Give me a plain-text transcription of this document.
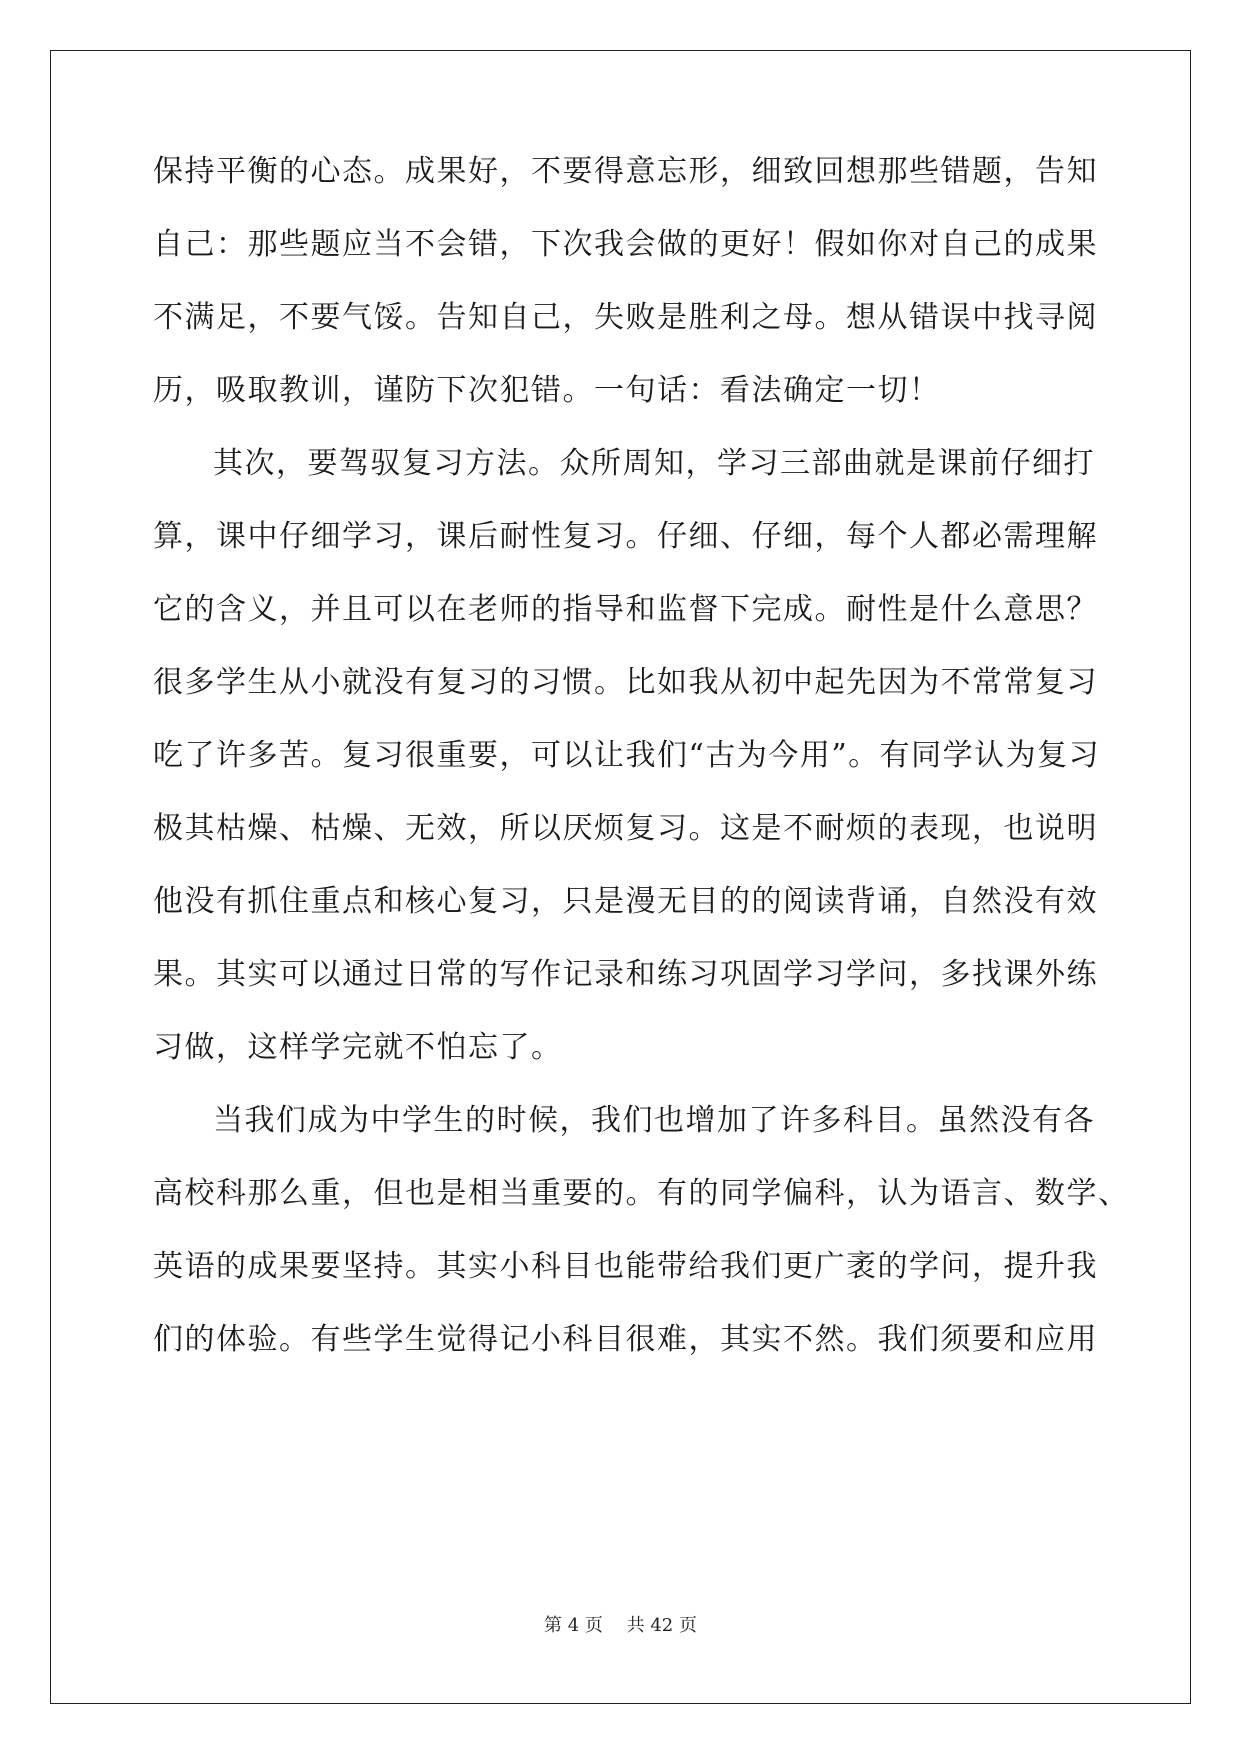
保持平衡的心态。成果好，不要得意忘形，细致回想那些错题，告知
自己：那些题应当不会错，下次我会做的更好！假如你对自己的成果
不满足，不要气馁。告知自己，失败是胜利之母。想从错误中找寻阅
历，吸取教训，谨防下次犯错。一句话：看法确定一切！
其次，要驾驭复习方法。众所周知，学习三部曲就是课前仔细打
算，课中仔细学习，课后耐性复习。仔细、仔细，每个人都必需理解
它的含义，并且可以在老师的指导和监督下完成。耐性是什么意思？
很多学生从小就没有复习的习惯。比如我从初中起先因为不常常复习
吃了许多苦。复习很重要，可以让我们“古为今用”。有同学认为复习
极其枯燥、枯燥、无效，所以厌烦复习。这是不耐烦的表现，也说明
他没有抓住重点和核心复习，只是漫无目的的阅读背诵，自然没有效
果。其实可以通过日常的写作记录和练习巩固学习学问，多找课外练
习做，这样学完就不怕忘了。
当我们成为中学生的时候，我们也增加了许多科目。虽然没有各
高校科那么重，但也是相当重要的。有的同学偏科，认为语言、数学、
英语的成果要坚持。其实小科目也能带给我们更广袤的学问，提升我
们的体验。有些学生觉得记小科目很难，其实不然。我们须要和应用
第 4 页　 共 42 页
